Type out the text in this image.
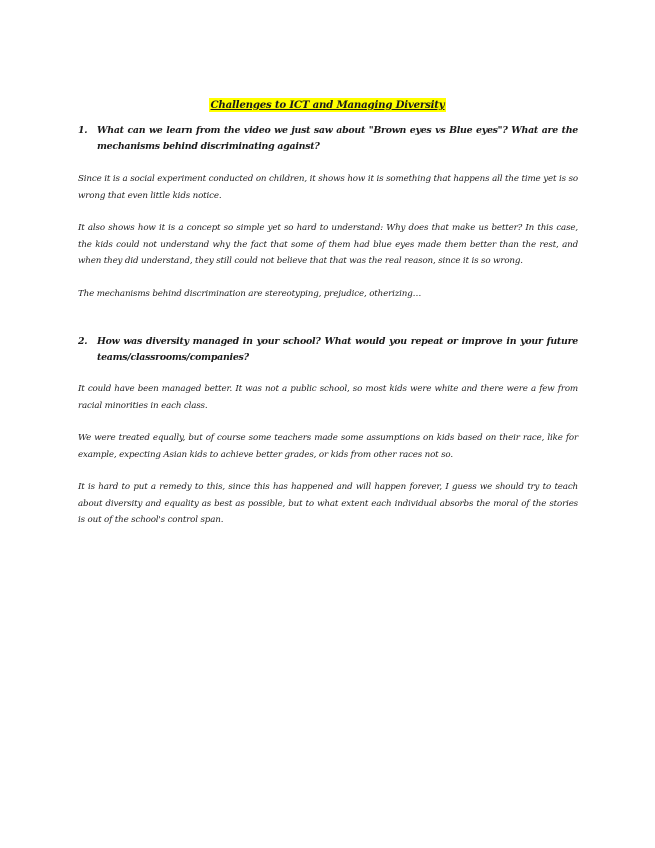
Challenges to ICT and Managing Diversity
1. What can we learn from the video we just saw about "Brown eyes vs Blue eyes"? What are the mechanisms behind discriminating against?

Since it is a social experiment conducted on children, it shows how it is something that happens all the time yet is so wrong that even little kids notice.

It also shows how it is a concept so simple yet so hard to understand: Why does that make us better? In this case, the kids could not understand why the fact that some of them had blue eyes made them better than the rest, and when they did understand, they still could not believe that that was the real reason, since it is so wrong.

The mechanisms behind discrimination are stereotyping, prejudice, otherizing…

2. How was diversity managed in your school? What would you repeat or improve in your future teams/classrooms/companies?

It could have been managed better. It was not a public school, so most kids were white and there were a few from racial minorities in each class.

We were treated equally, but of course some teachers made some assumptions on kids based on their race, like for example, expecting Asian kids to achieve better grades, or kids from other races not so.

It is hard to put a remedy to this, since this has happened and will happen forever, I guess we should try to teach about diversity and equality as best as possible, but to what extent each individual absorbs the moral of the stories is out of the school's control span.
